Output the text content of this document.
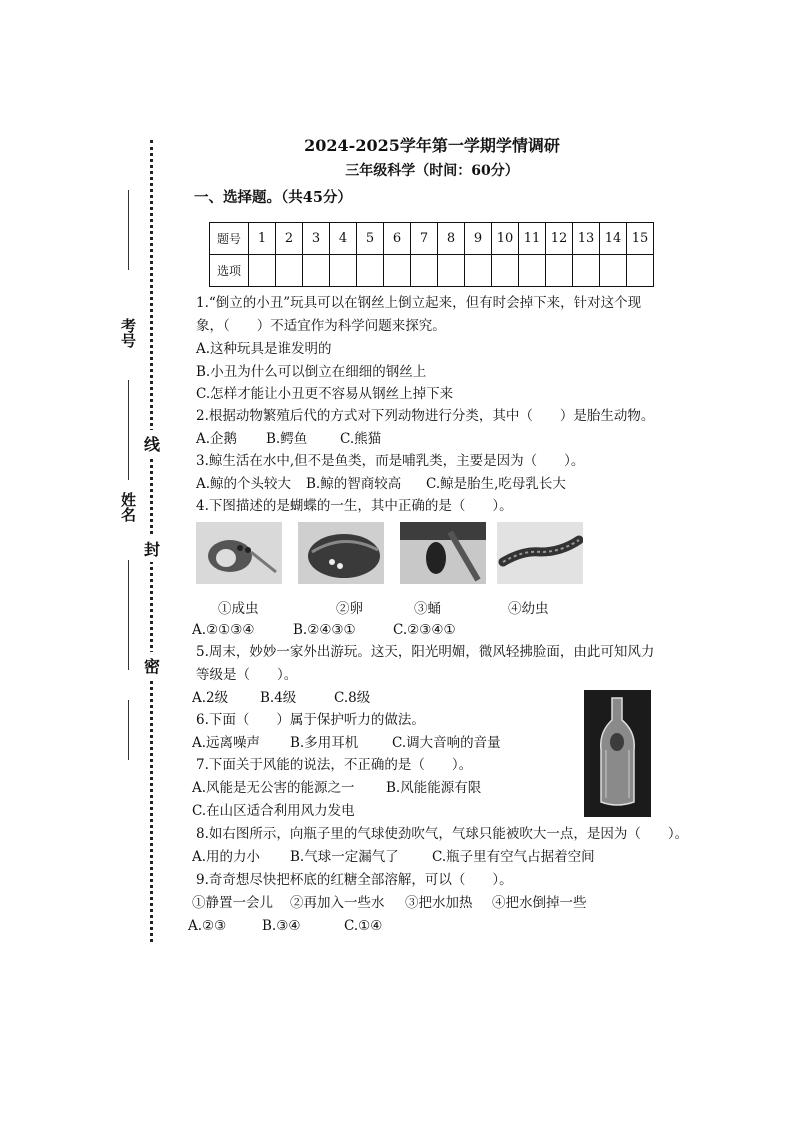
考号
姓名
线
封
密
2024-2025学年第一学期学情调研
三年级科学（时间：60分）
一、选择题。（共45分）
题号	1	2	3	4	5	6	7	8	9	10	11	12	13	14	15
选项															
1.“倒立的小丑”玩具可以在钢丝上倒立起来，但有时会掉下来，针对这个现
象，（　　）不适宜作为科学问题来探究。
A.这种玩具是谁发明的
B.小丑为什么可以倒立在细细的钢丝上
C.怎样才能让小丑更不容易从钢丝上掉下来
2.根据动物繁殖后代的方式对下列动物进行分类，其中（　　）是胎生动物。
A.企鹅 B.鳄鱼 C.熊猫
3.鲸生活在水中,但不是鱼类，而是哺乳类，主要是因为（　　）。
A.鲸的个头较大 B.鲸的智商较高 C.鲸是胎生,吃母乳长大
4.下图描述的是蝴蝶的一生，其中正确的是（　　）。
①成虫	②卵	③蛹	④幼虫
A.②①③④	B.②④③①	C.②③④①
5.周末，妙妙一家外出游玩。这天，阳光明媚，微风轻拂脸面，由此可知风力
等级是（　　）。
A.2级 B.4级	C.8级
6.下面（　　）属于保护听力的做法。
A.远离噪声 B.多用耳机	C.调大音响的音量
7.下面关于风能的说法，不正确的是（　　）。
A.风能是无公害的能源之一 B.风能能源有限
C.在山区适合利用风力发电
8.如右图所示，向瓶子里的气球使劲吹气，气球只能被吹大一点，是因为（　　）。
A.用的力小 B.气球一定漏气了 C.瓶子里有空气占据着空间
9.奇奇想尽快把杯底的红糖全部溶解，可以（　　）。
①静置一会儿 ②再加入一些水 ③把水加热 ④把水倒掉一些
A.②③	B.③④	C.①④
